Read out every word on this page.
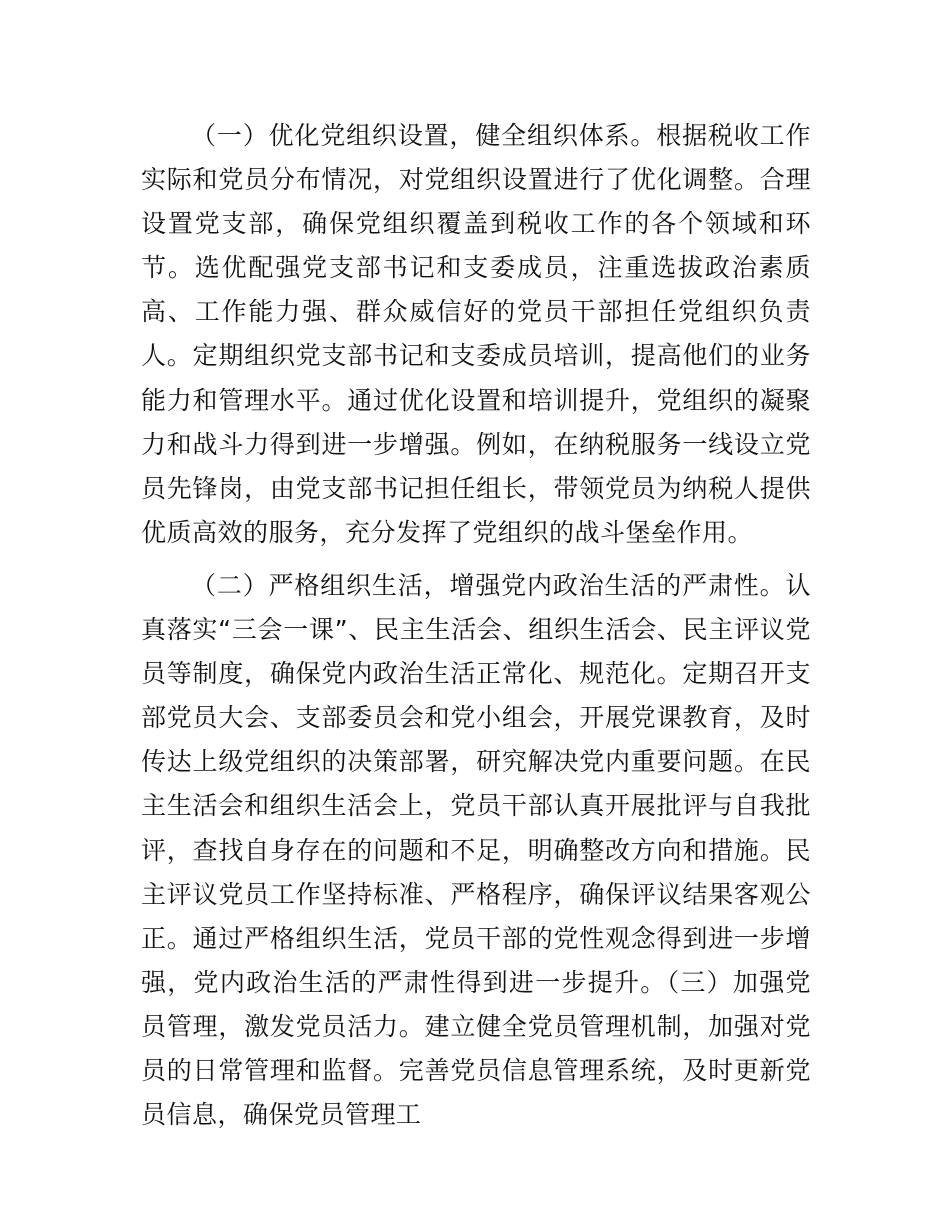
（一）优化党组织设置，健全组织体系。根据税收工作实际和党员分布情况，对党组织设置进行了优化调整。合理设置党支部，确保党组织覆盖到税收工作的各个领域和环节。选优配强党支部书记和支委成员，注重选拔政治素质高、工作能力强、群众威信好的党员干部担任党组织负责人。定期组织党支部书记和支委成员培训，提高他们的业务能力和管理水平。通过优化设置和培训提升，党组织的凝聚力和战斗力得到进一步增强。例如，在纳税服务一线设立党员先锋岗，由党支部书记担任组长，带领党员为纳税人提供优质高效的服务，充分发挥了党组织的战斗堡垒作用。

（二）严格组织生活，增强党内政治生活的严肃性。认真落实“三会一课”、民主生活会、组织生活会、民主评议党员等制度，确保党内政治生活正常化、规范化。定期召开支部党员大会、支部委员会和党小组会，开展党课教育，及时传达上级党组织的决策部署，研究解决党内重要问题。在民主生活会和组织生活会上，党员干部认真开展批评与自我批评，查找自身存在的问题和不足，明确整改方向和措施。民主评议党员工作坚持标准、严格程序，确保评议结果客观公正。通过严格组织生活，党员干部的党性观念得到进一步增强，党内政治生活的严肃性得到进一步提升。（三）加强党员管理，激发党员活力。建立健全党员管理机制，加强对党员的日常管理和监督。完善党员信息管理系统，及时更新党员信息，确保党员管理工
